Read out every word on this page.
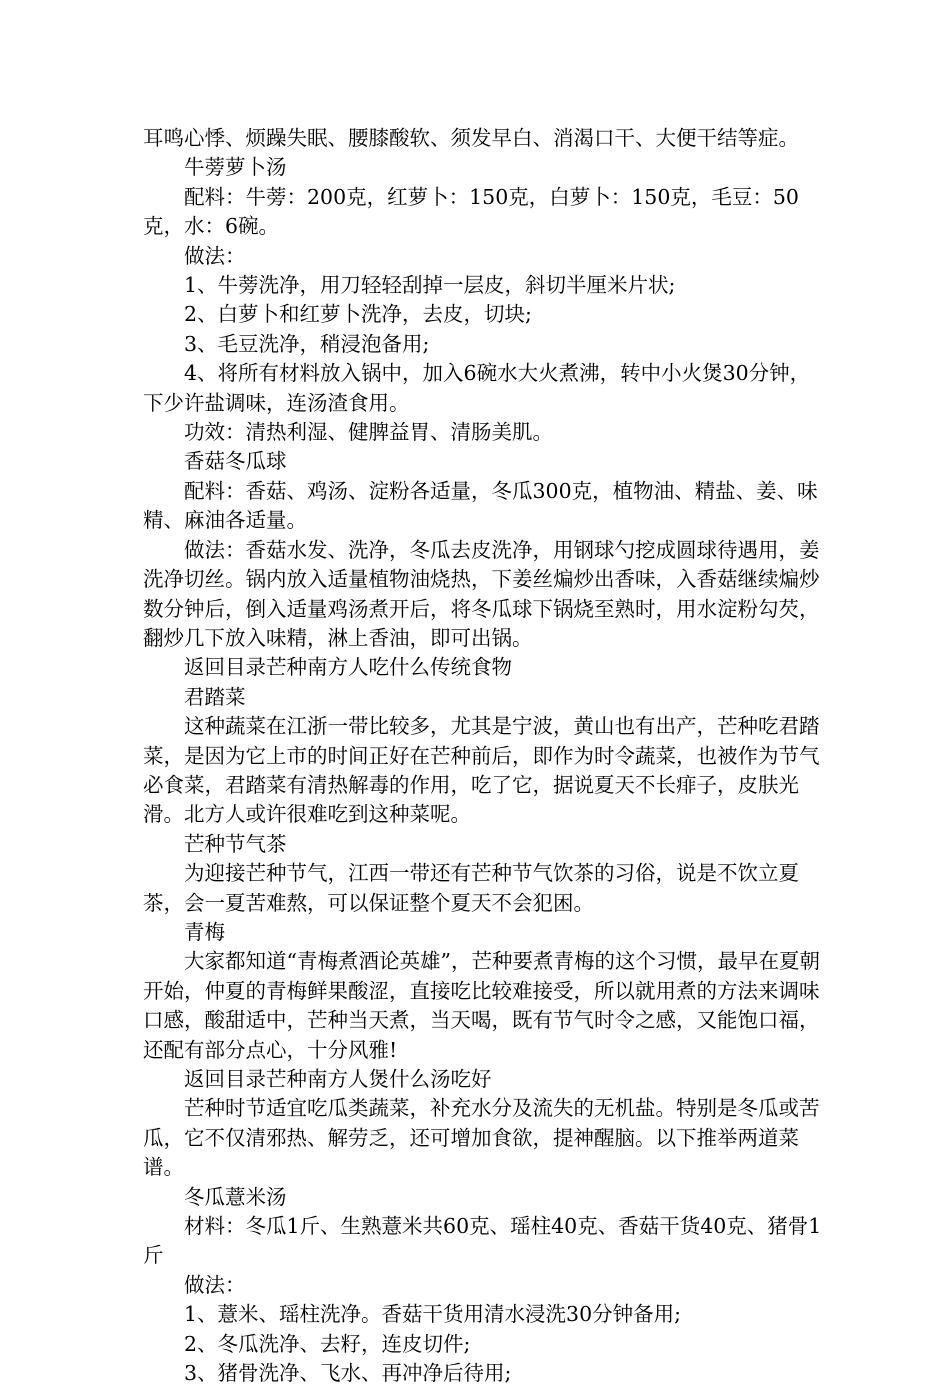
耳鸣心悸、烦躁失眠、腰膝酸软、须发早白、消渴口干、大便干结等症。

牛蒡萝卜汤

配料：牛蒡：200克，红萝卜：150克，白萝卜：150克，毛豆：50克，水：6碗。

做法：

1、牛蒡洗净，用刀轻轻刮掉一层皮，斜切半厘米片状;

2、白萝卜和红萝卜洗净，去皮，切块;

3、毛豆洗净，稍浸泡备用;

4、将所有材料放入锅中，加入6碗水大火煮沸，转中小火煲30分钟，下少许盐调味，连汤渣食用。

功效：清热利湿、健脾益胃、清肠美肌。

香菇冬瓜球

配料：香菇、鸡汤、淀粉各适量，冬瓜300克，植物油、精盐、姜、味精、麻油各适量。

做法：香菇水发、洗净，冬瓜去皮洗净，用钢球勺挖成圆球待遇用，姜洗净切丝。锅内放入适量植物油烧热，下姜丝煸炒出香味，入香菇继续煸炒数分钟后，倒入适量鸡汤煮开后，将冬瓜球下锅烧至熟时，用水淀粉勾芡，翻炒几下放入味精，淋上香油，即可出锅。

返回目录芒种南方人吃什么传统食物

君踏菜

这种蔬菜在江浙一带比较多，尤其是宁波，黄山也有出产，芒种吃君踏菜，是因为它上市的时间正好在芒种前后，即作为时令蔬菜，也被作为节气必食菜，君踏菜有清热解毒的作用，吃了它，据说夏天不长痱子，皮肤光滑。北方人或许很难吃到这种菜呢。

芒种节气茶

为迎接芒种节气，江西一带还有芒种节气饮茶的习俗，说是不饮立夏茶，会一夏苦难熬，可以保证整个夏天不会犯困。

青梅

大家都知道“青梅煮酒论英雄”，芒种要煮青梅的这个习惯，最早在夏朝开始，仲夏的青梅鲜果酸涩，直接吃比较难接受，所以就用煮的方法来调味口感，酸甜适中，芒种当天煮，当天喝，既有节气时令之感，又能饱口福，还配有部分点心，十分风雅!

返回目录芒种南方人煲什么汤吃好

芒种时节适宜吃瓜类蔬菜，补充水分及流失的无机盐。特别是冬瓜或苦瓜，它不仅清邪热、解劳乏，还可增加食欲，提神醒脑。以下推举两道菜谱。

冬瓜薏米汤

材料：冬瓜1斤、生熟薏米共60克、瑶柱40克、香菇干货40克、猪骨1斤

做法：

1、薏米、瑶柱洗净。香菇干货用清水浸洗30分钟备用;

2、冬瓜洗净、去籽，连皮切件;

3、猪骨洗净、飞水、再冲净后待用;
